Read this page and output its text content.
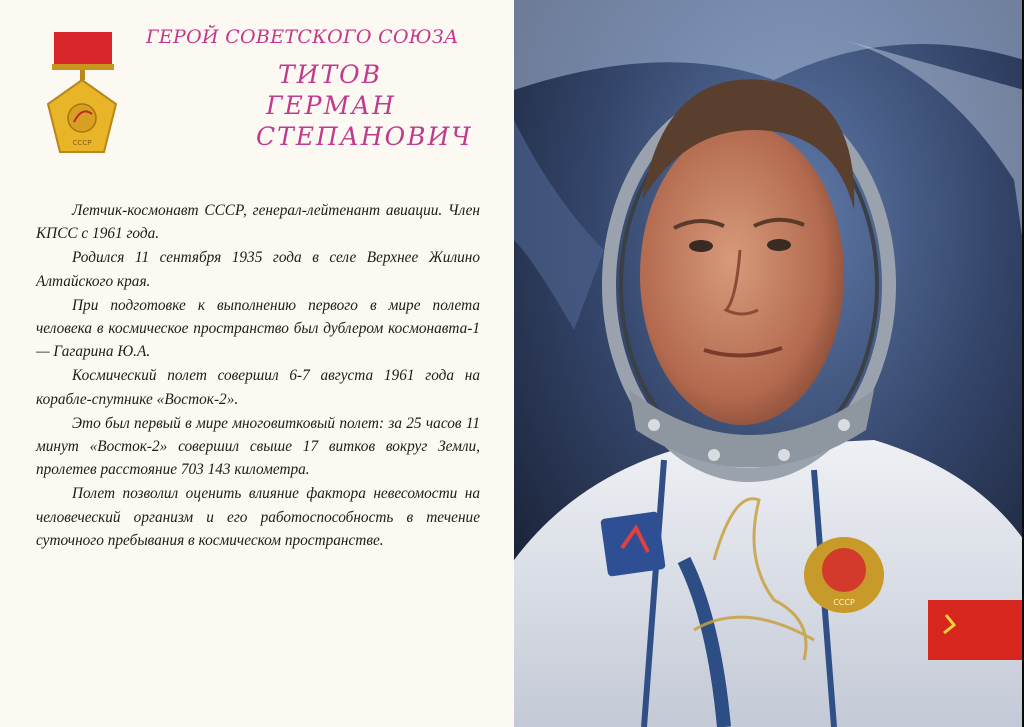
СССР
ГЕРОЙ СОВЕТСКОГО СОЮЗА
ТИТОВ
ГЕРМАН
СТЕПАНОВИЧ

Летчик-космонавт СССР, генерал-лейтенант авиации. Член КПСС с 1961 года.

Родился 11 сентября 1935 года в селе Верхнее Жилино Алтайского края.

При подготовке к выполнению первого в мире полета человека в космическое пространство был дублером космонавта-1 — Гагарина Ю.А.

Космический полет совершил 6-7 августа 1961 года на корабле-спутнике «Восток-2».

Это был первый в мире многовитковый полет: за 25 часов 11 минут «Восток-2» совершил свыше 17 витков вокруг Земли, пролетев расстояние 703 143 километра.

Полет позволил оценить влияние фактора невесомости на человеческий организм и его работоспособность в течение суточного пребывания в космическом пространстве.

СССР
